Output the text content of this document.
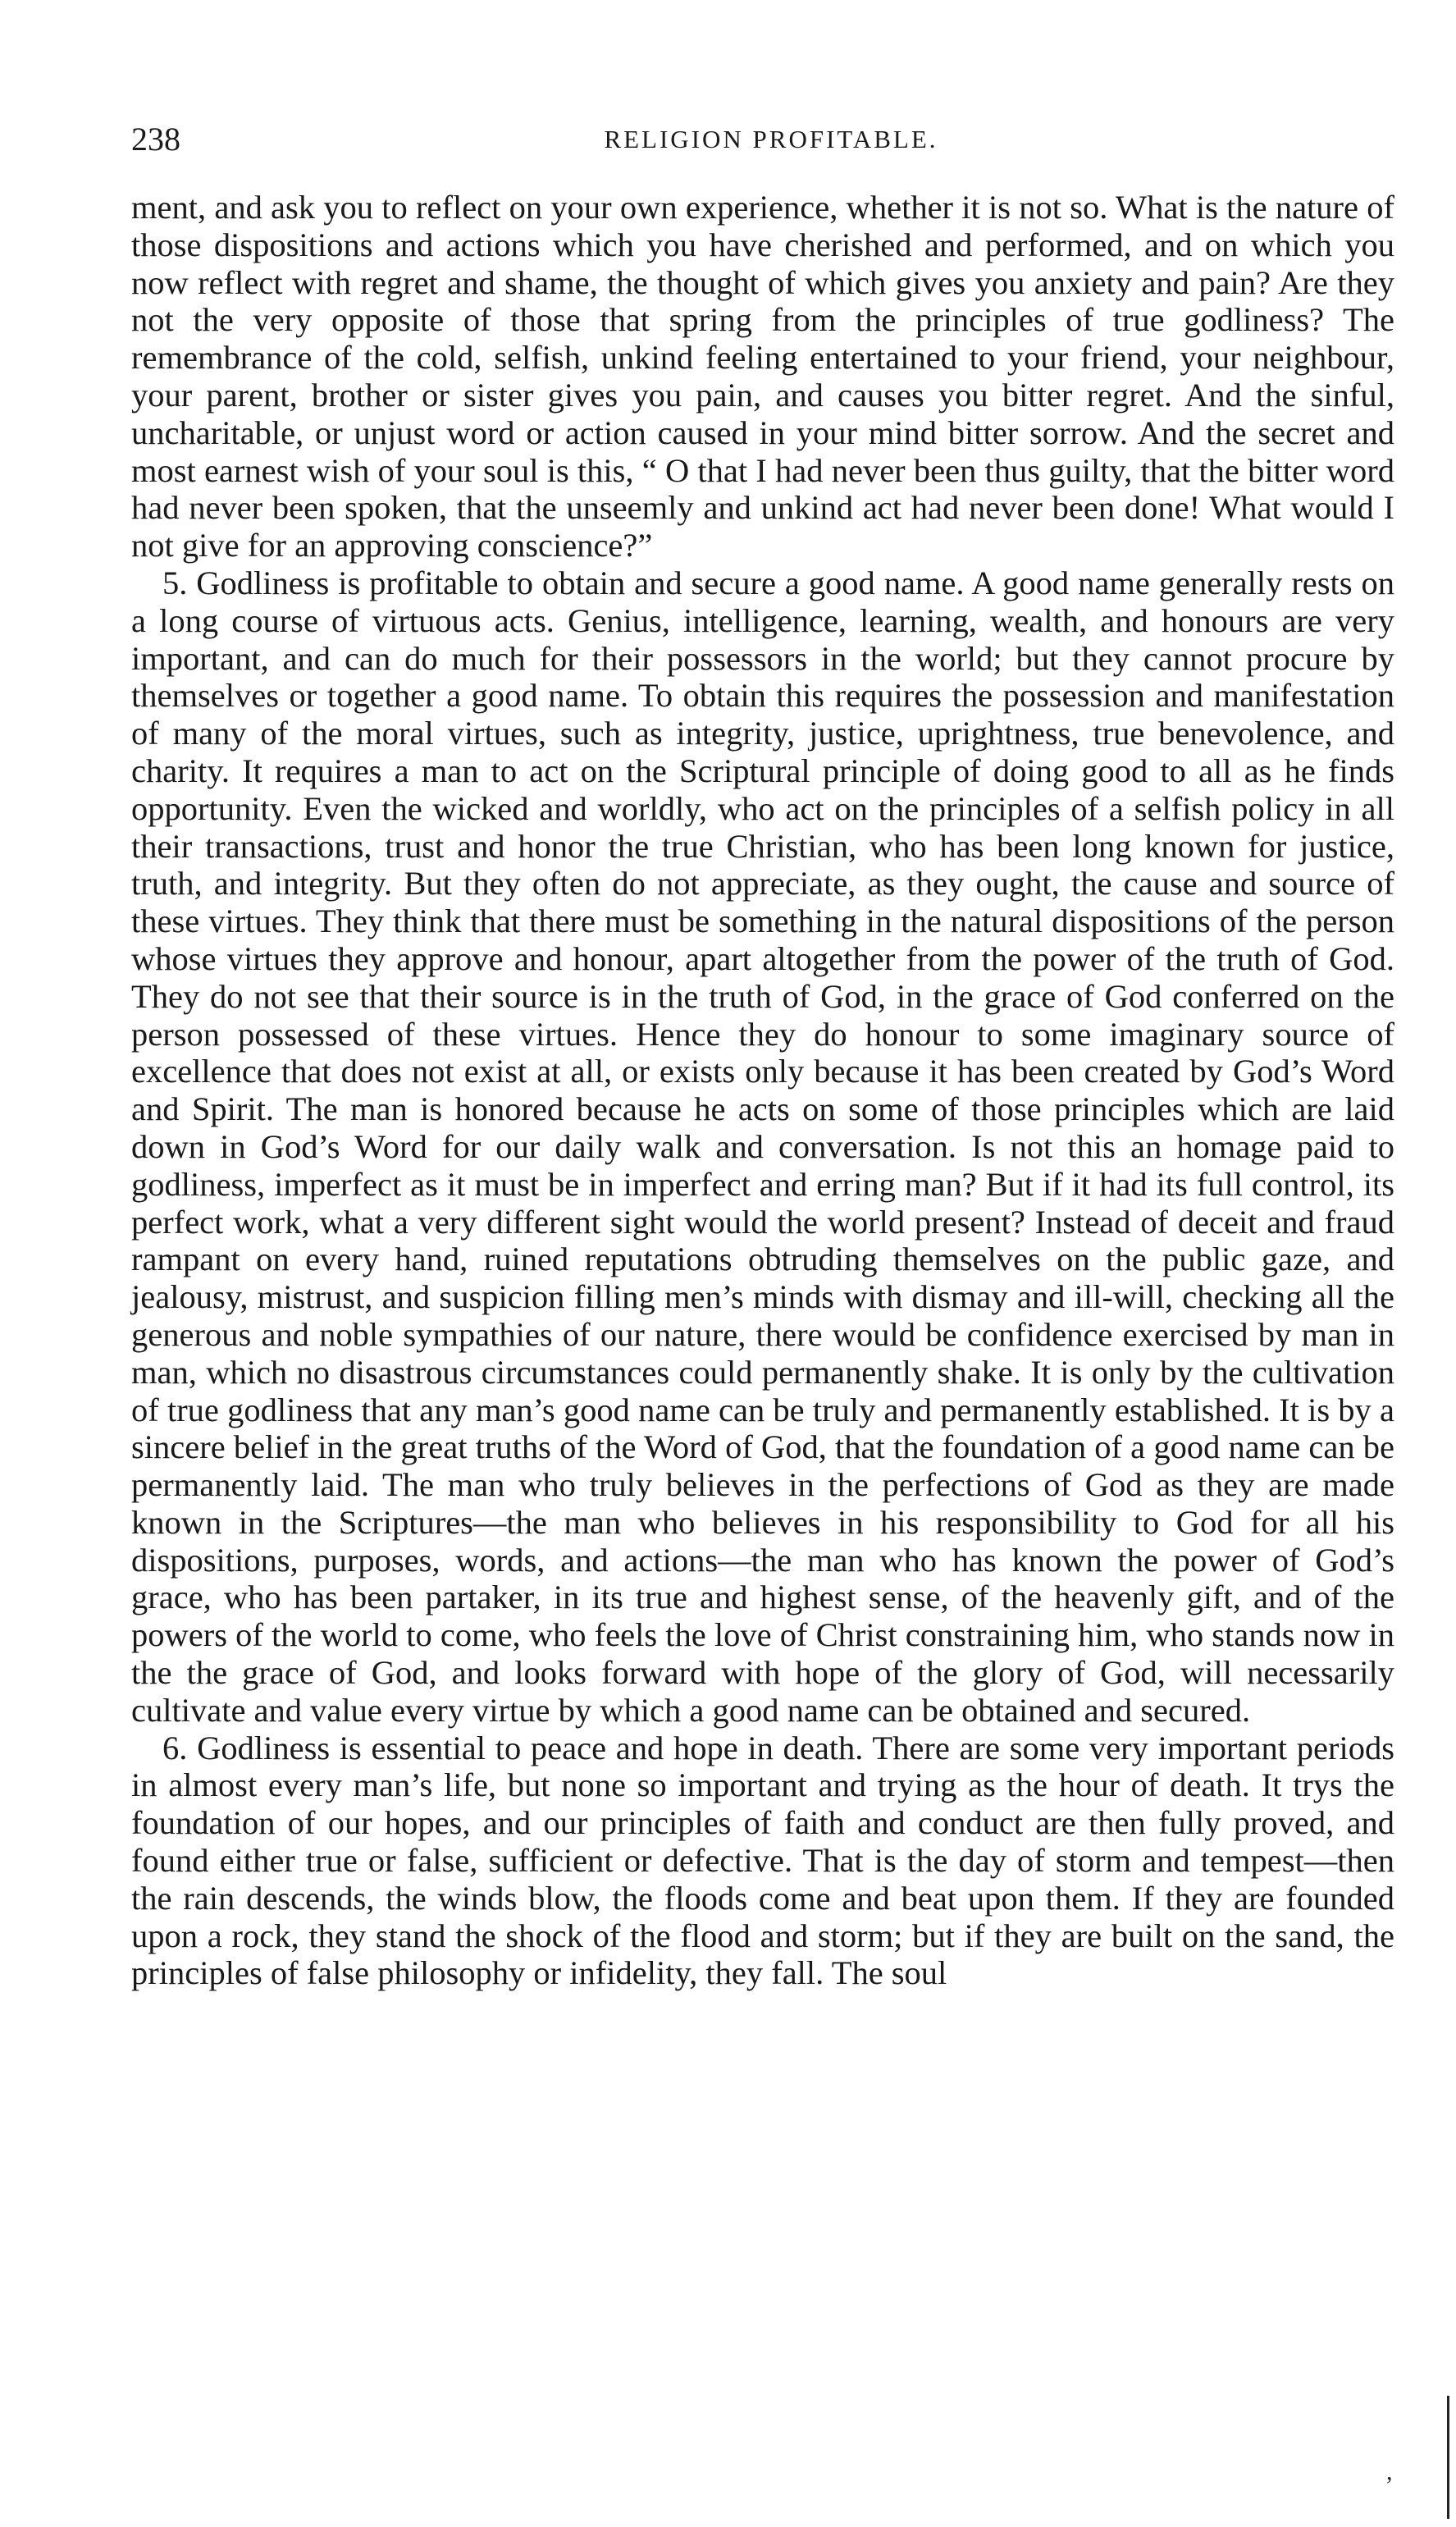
238	RELIGION PROFITABLE.

ment, and ask you to reflect on your own experience, whether it is not so. What is the nature of those dispositions and actions which you have cherished and performed, and on which you now reflect with regret and shame, the thought of which gives you anxiety and pain? Are they not the very opposite of those that spring from the principles of true godliness? The remembrance of the cold, selfish, unkind feeling entertained to your friend, your neighbour, your parent, brother or sister gives you pain, and causes you bitter regret. And the sinful, uncharitable, or unjust word or action caused in your mind bitter sorrow. And the secret and most earnest wish of your soul is this, “ O that I had never been thus guilty, that the bitter word had never been spoken, that the unseemly and unkind act had never been done! What would I not give for an approving conscience?”

5. Godliness is profitable to obtain and secure a good name. A good name generally rests on a long course of virtuous acts. Genius, intelligence, learning, wealth, and honours are very important, and can do much for their possessors in the world; but they cannot procure by themselves or together a good name. To obtain this requires the possession and manifestation of many of the moral virtues, such as integrity, justice, uprightness, true benevolence, and charity. It requires a man to act on the Scriptural principle of doing good to all as he finds opportunity. Even the wicked and worldly, who act on the principles of a selfish policy in all their transactions, trust and honor the true Christian, who has been long known for justice, truth, and integrity. But they often do not appreciate, as they ought, the cause and source of these virtues. They think that there must be something in the natural dispositions of the person whose virtues they approve and honour, apart altogether from the power of the truth of God. They do not see that their source is in the truth of God, in the grace of God conferred on the person possessed of these virtues. Hence they do honour to some imaginary source of excellence that does not exist at all, or exists only because it has been created by God’s Word and Spirit. The man is honored because he acts on some of those principles which are laid down in God’s Word for our daily walk and conversation. Is not this an homage paid to godliness, imperfect as it must be in imperfect and erring man? But if it had its full control, its perfect work, what a very different sight would the world present? Instead of deceit and fraud rampant on every hand, ruined reputations obtruding themselves on the public gaze, and jealousy, mistrust, and suspicion filling men’s minds with dismay and ill-will, checking all the generous and noble sympathies of our nature, there would be confidence exercised by man in man, which no disastrous circumstances could permanently shake. It is only by the cultivation of true godliness that any man’s good name can be truly and permanently established. It is by a sincere belief in the great truths of the Word of God, that the foundation of a good name can be permanently laid. The man who truly believes in the perfections of God as they are made known in the Scriptures—the man who believes in his responsibility to God for all his dispositions, purposes, words, and actions—the man who has known the power of God’s grace, who has been partaker, in its true and highest sense, of the heavenly gift, and of the powers of the world to come, who feels the love of Christ constraining him, who stands now in the the grace of God, and looks forward with hope of the glory of God, will necessarily cultivate and value every virtue by which a good name can be obtained and secured.

6. Godliness is essential to peace and hope in death. There are some very important periods in almost every man’s life, but none so important and trying as the hour of death. It trys the foundation of our hopes, and our principles of faith and conduct are then fully proved, and found either true or false, sufficient or defective. That is the day of storm and tempest—then the rain descends, the winds blow, the floods come and beat upon them. If they are founded upon a rock, they stand the shock of the flood and storm; but if they are built on the sand, the principles of false philosophy or infidelity, they fall. The soul

,
